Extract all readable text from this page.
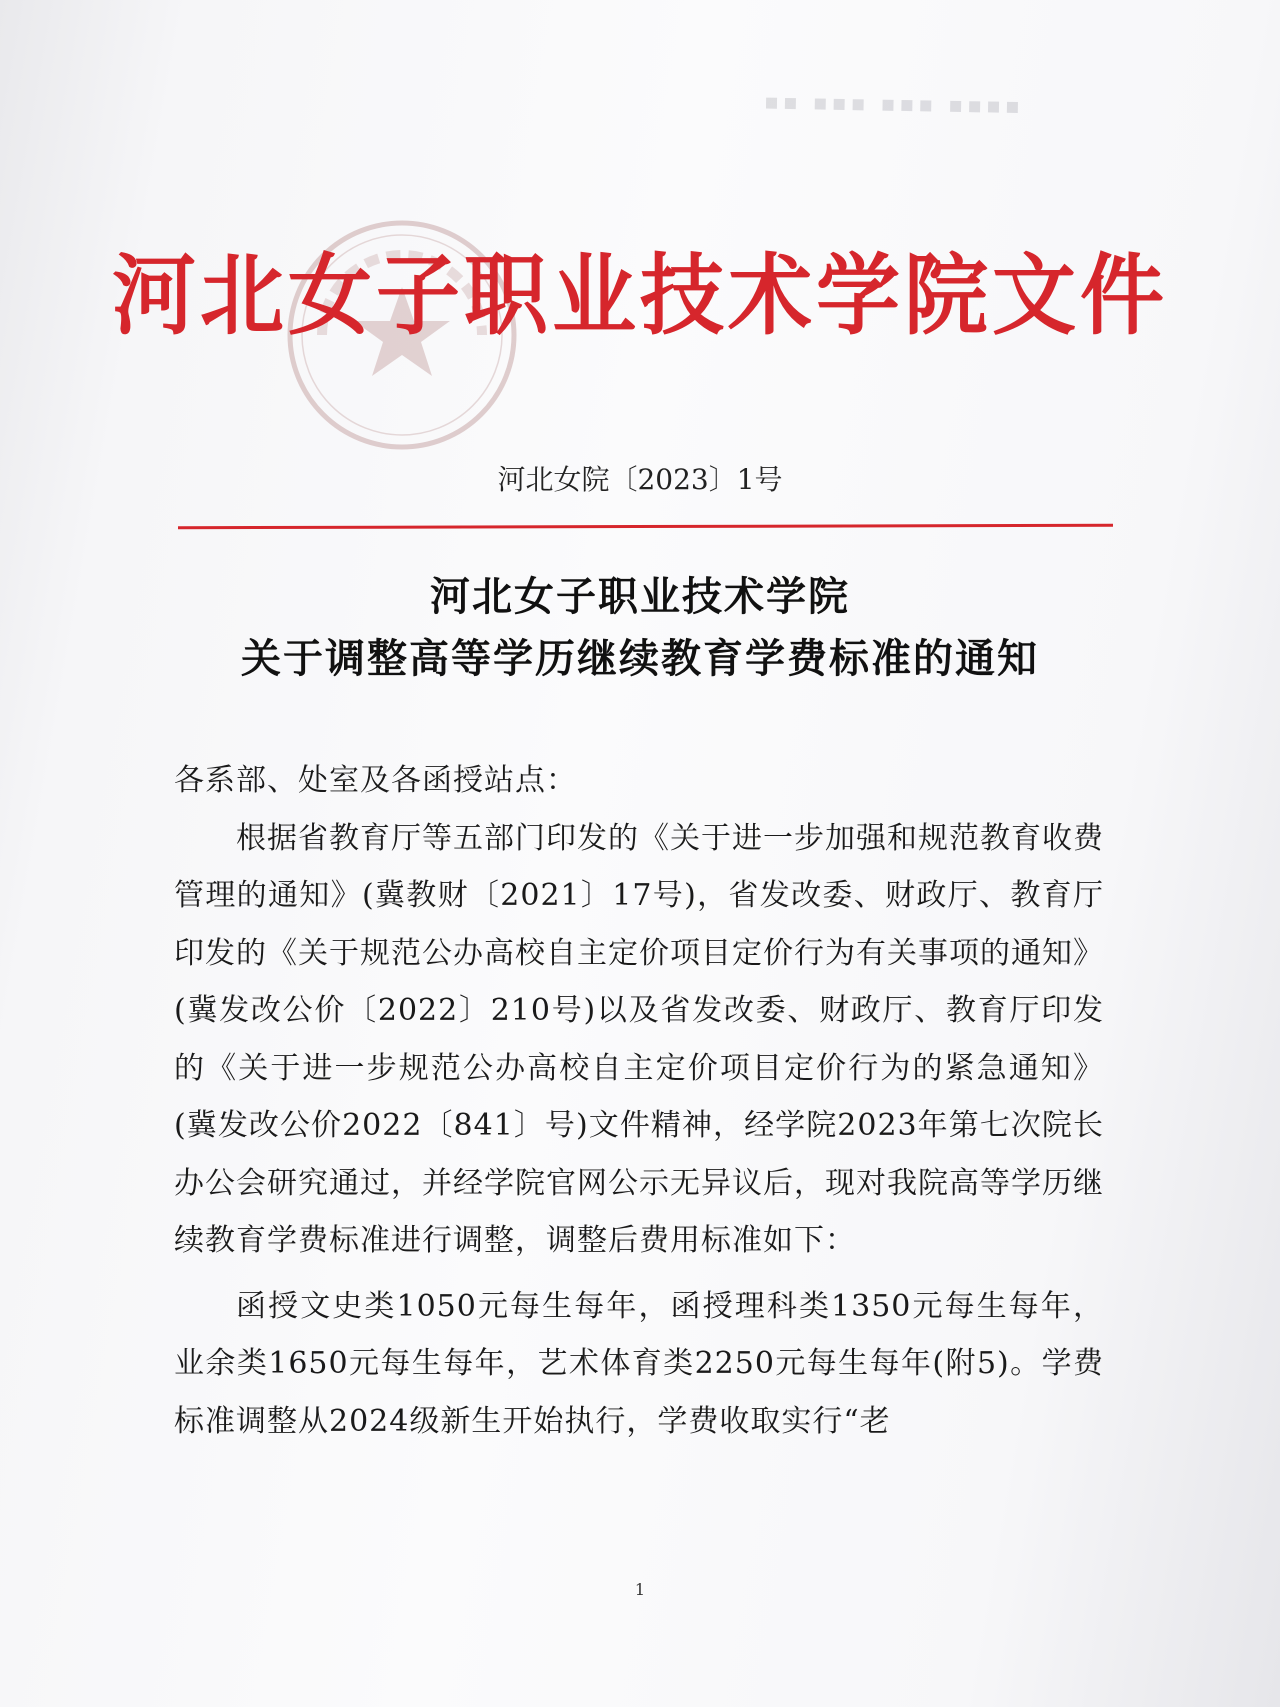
▪▪▪▪ ▪▪▪ ▪▪▪ ▪▪
河北女子职业技术学院文件
河北女院〔2023〕1号
河北女子职业技术学院
关于调整高等学历继续教育学费标准的通知

各系部、处室及各函授站点：

根据省教育厅等五部门印发的《关于进一步加强和规范教育收费管理的通知》(冀教财〔2021〕17号)，省发改委、财政厅、教育厅印发的《关于规范公办高校自主定价项目定价行为有关事项的通知》(冀发改公价〔2022〕210号)以及省发改委、财政厅、教育厅印发的《关于进一步规范公办高校自主定价项目定价行为的紧急通知》(冀发改公价2022〔841〕号)文件精神，经学院2023年第七次院长办公会研究通过，并经学院官网公示无异议后，现对我院高等学历继续教育学费标准进行调整，调整后费用标准如下：

函授文史类1050元每生每年，函授理科类1350元每生每年，业余类1650元每生每年，艺术体育类2250元每生每年(附5)。学费标准调整从2024级新生开始执行，学费收取实行“老

1
